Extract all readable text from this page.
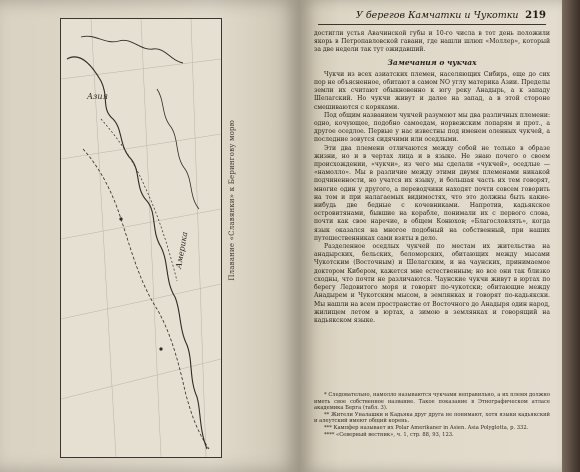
Азия
Америка	Плавание «Славянки» к Берингову морю
У берегов Камчатки и Чукотки 219

достигли устья Авачинской губы и 10-го числа в тот день положили якорь в Петропавловской гавани, где нашли шлюп «Моллер», который за две недели так тут ожидавший.

Замечания о чукчах

Чукчи из всех азиатских племен, населяющих Сибирь, еще до сих пор не объясненное, обитают в самом NO углу материка Азии. Пределы земли их считают обыкновенно к югу реку Анадырь, а к западу Шелагский. Но чукчи живут и далее на запад, а в этой стороне смешиваются с коряками.

Под общим названием чукчей разумеют мы два различных племени: одно, кочующее, подобно самоедам, норвежским лопарям и прот., а другое оседлое. Первые у нас известны под именем оленных чукчей, а последние зовутся сидячими или оседлыми.

Эти два племени отличаются между собой не только в образе жизни, но и в чертах лица и в языке. Не знаю почего о своем происхождении, «чукчи», из чего мы сделали «чукчей», оседлые — «намолло». Мы в различие между этими двумя племенами никакой подчиненности, но учатся их языку, и большая часть их тем говорят, многие один у другого, а переводчики находят почти совсем говорить на том и при налагаемых видимостях, что это должны быть какие-нибудь две бедные с кочевниками. Напротив, кадьякское островитянами, бывшие на корабле, понимали их с первого слова, почти как свое наречие, в общем Конюхов; «Благословлять», когда язык оказался на многое подобный на собственный, при наших путешественниках сами взяты в дело.

Разделенное оседлых чукчей по местам их жительства на анадырских, бельских, беломорских, обитающих между мысами Чукотским (Восточным) и Шелагским, и на чаунских, принимаемое доктором Кибером, кажется мне естественным; но все они так близко сходны, что почти не различаются. Чаунские чукчи живут в юртах по берегу Ледовитого моря и говорят по-чукотски; обитающие между Анадырем и Чукотским мысом, в землянках и говорят по-кадьякски. Мы нашли на всем пространстве от Восточного до Анадыря один народ, жилищем летом в юртах, а зимою в землянках и говорящий на кадьякском языке.

* Следовательно, намолло называются чукчами неправильно, а их племя должно иметь свое собственное название. Такое показание в Этнографическом атласе академика Берга (табл. 3).

** Жители Уналашки и Кадьяка друг друга не понимают, хотя языки кадьякский и алеутский имеют общий корень.

*** Кампфер называет их Polar Amerikaner in Asien. Asia Polyglotta, p. 332.

**** «Северный вестник», ч. 1, стр. 88, 93, 123.
